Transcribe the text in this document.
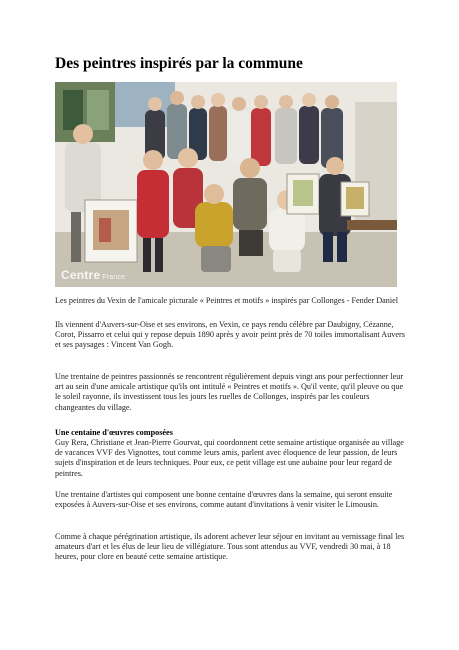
Des peintres inspirés par la commune
Centre France
Les peintres du Vexin de l'amicale picturale « Peintres et motifs » inspirés par Collonges - Fender Daniel
Ils viennent d'Auvers-sur-Oise et ses environs, en Vexin, ce pays rendu célèbre par Daubigny, Cézanne, Corot, Pissarro et celui qui y repose depuis 1890 après y avoir peint près de 70 toiles immortalisant Auvers et ses paysages : Vincent Van Gogh.
Une trentaine de peintres passionnés se rencontrent régulièrement depuis vingt ans pour perfectionner leur art au sein d'une amicale artistique qu'ils ont intitulé « Peintres et motifs ». Qu'il vente, qu'il pleuve ou que le soleil rayonne, ils investissent tous les jours les ruelles de Collonges, inspirés par les couleurs changeantes du village.
Une centaine d'œuvres composées
Guy Rera, Christiane et Jean-Pierre Gourvat, qui coordonnent cette semaine artistique organisée au village de vacances VVF des Vignottes, tout comme leurs amis, parlent avec éloquence de leur passion, de leurs sujets d'inspiration et de leurs techniques. Pour eux, ce petit village est une aubaine pour leur regard de peintres.
Une trentaine d'artistes qui composent une bonne centaine d'œuvres dans la semaine, qui seront ensuite exposées à Auvers-sur-Oise et ses environs, comme autant d'invitations à venir visiter le Limousin.
Comme à chaque pérégrination artistique, ils adorent achever leur séjour en invitant au vernissage final les amateurs d'art et les élus de leur lieu de villégiature. Tous sont attendus au VVF, vendredi 30 mai, à 18 heures, pour clore en beauté cette semaine artistique.
